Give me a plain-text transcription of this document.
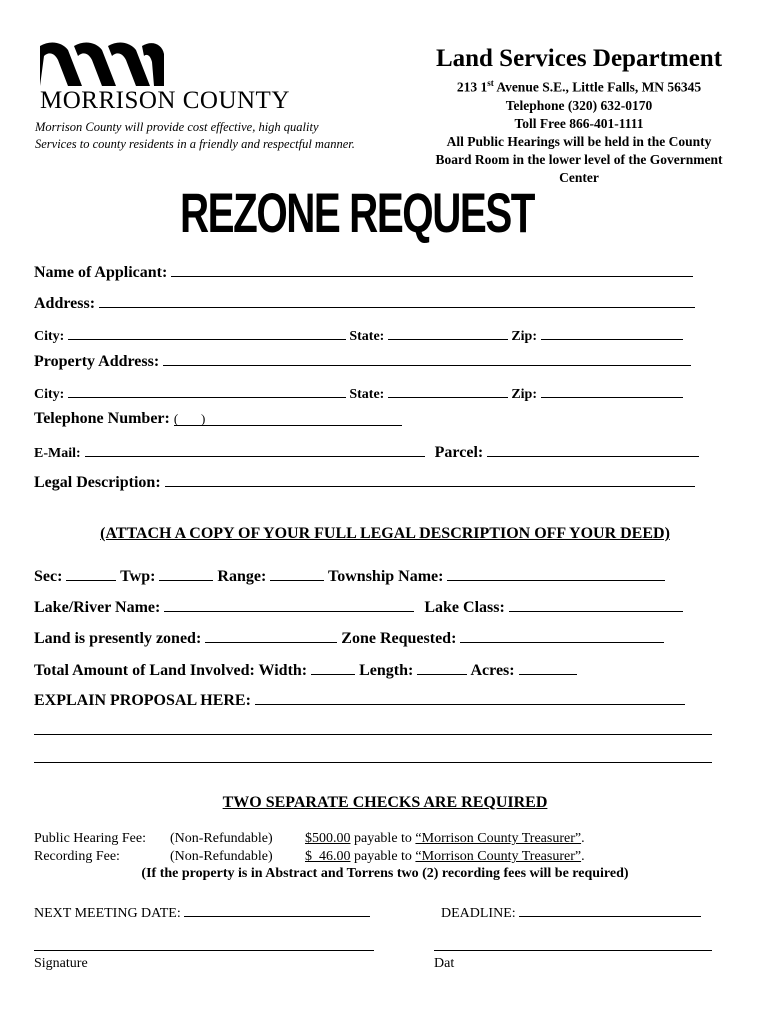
MORRISON COUNTY
Morrison County will provide cost effective, high quality
Services to county residents in a friendly and respectful manner.
Land Services Department
213 1st Avenue S.E., Little Falls, MN 56345
Telephone (320) 632-0170
Toll Free 866-401-1111
All Public Hearings will be held in the County
Board Room in the lower level of the Government
Center
REZONE REQUEST
Name of Applicant:
Address:
City:	State:	Zip:
Property Address:
City:	State:	Zip:
Telephone Number: (       )
E-Mail:	Parcel:
Legal Description:
(ATTACH A COPY OF YOUR FULL LEGAL DESCRIPTION OFF YOUR DEED)
Sec:	Twp:	Range:	Township Name:
Lake/River Name:	Lake Class:
Land is presently zoned:	Zone Requested:
Total Amount of Land Involved: Width:	Length:	Acres:
EXPLAIN PROPOSAL HERE:
TWO SEPARATE CHECKS ARE REQUIRED
Public Hearing Fee:	(Non-Refundable)	$500.00 payable to “Morrison County Treasurer”.
Recording Fee:	(Non-Refundable)	$  46.00 payable to “Morrison County Treasurer”.
(If the property is in Abstract and Torrens two (2) recording fees will be required)
NEXT MEETING DATE:	DEADLINE:
Signature	Dat
